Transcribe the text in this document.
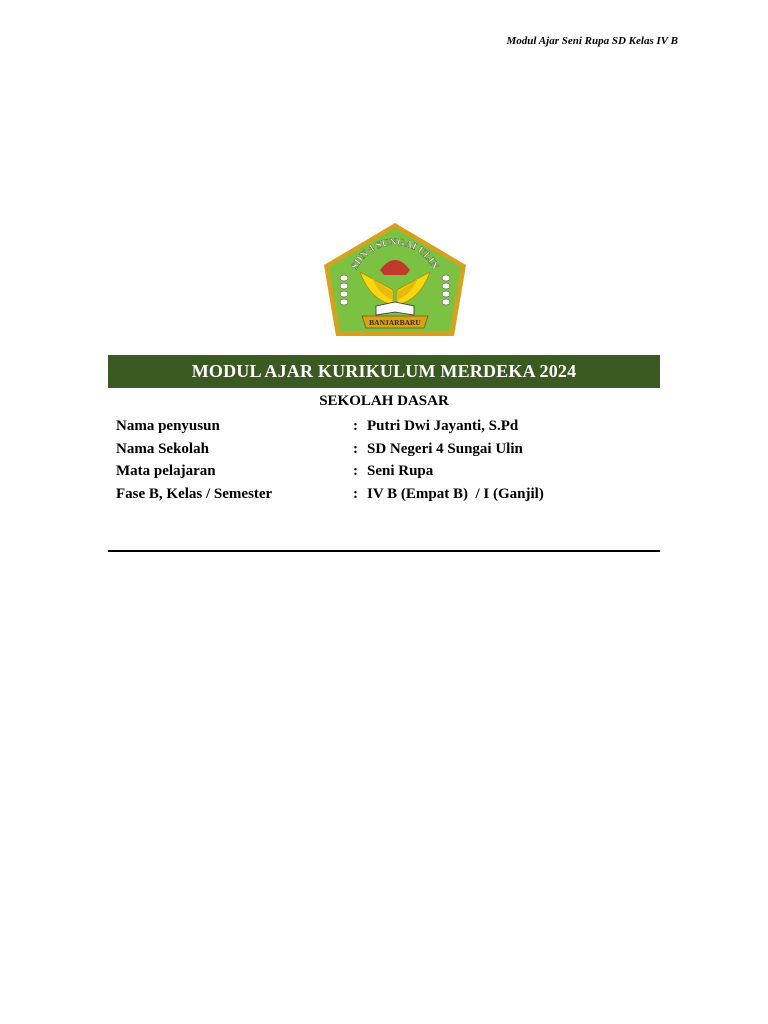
Modul Ajar Seni Rupa SD Kelas IV B
SDN 4 SUNGAI ULIN
BANJARBARU
MODUL AJAR KURIKULUM MERDEKA 2024
SEKOLAH DASAR
Nama penyusun	: Putri Dwi Jayanti, S.Pd
Nama Sekolah	: SD Negeri 4 Sungai Ulin
Mata pelajaran	: Seni Rupa
Fase B, Kelas / Semester	: IV B (Empat B)  / I (Ganjil)
